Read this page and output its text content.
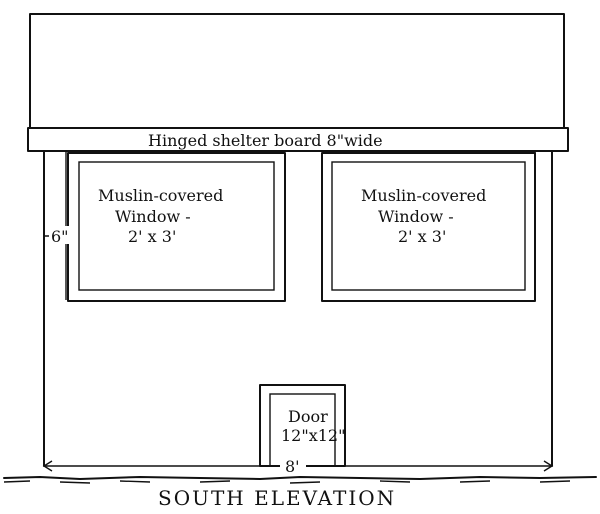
Hinged shelter board 8"wide
Muslin-covered
Window -
2' x 3'
Muslin-covered
Window -
2' x 3'
6"
Door
12"x12"
8'
SOUTH ELEVATION
